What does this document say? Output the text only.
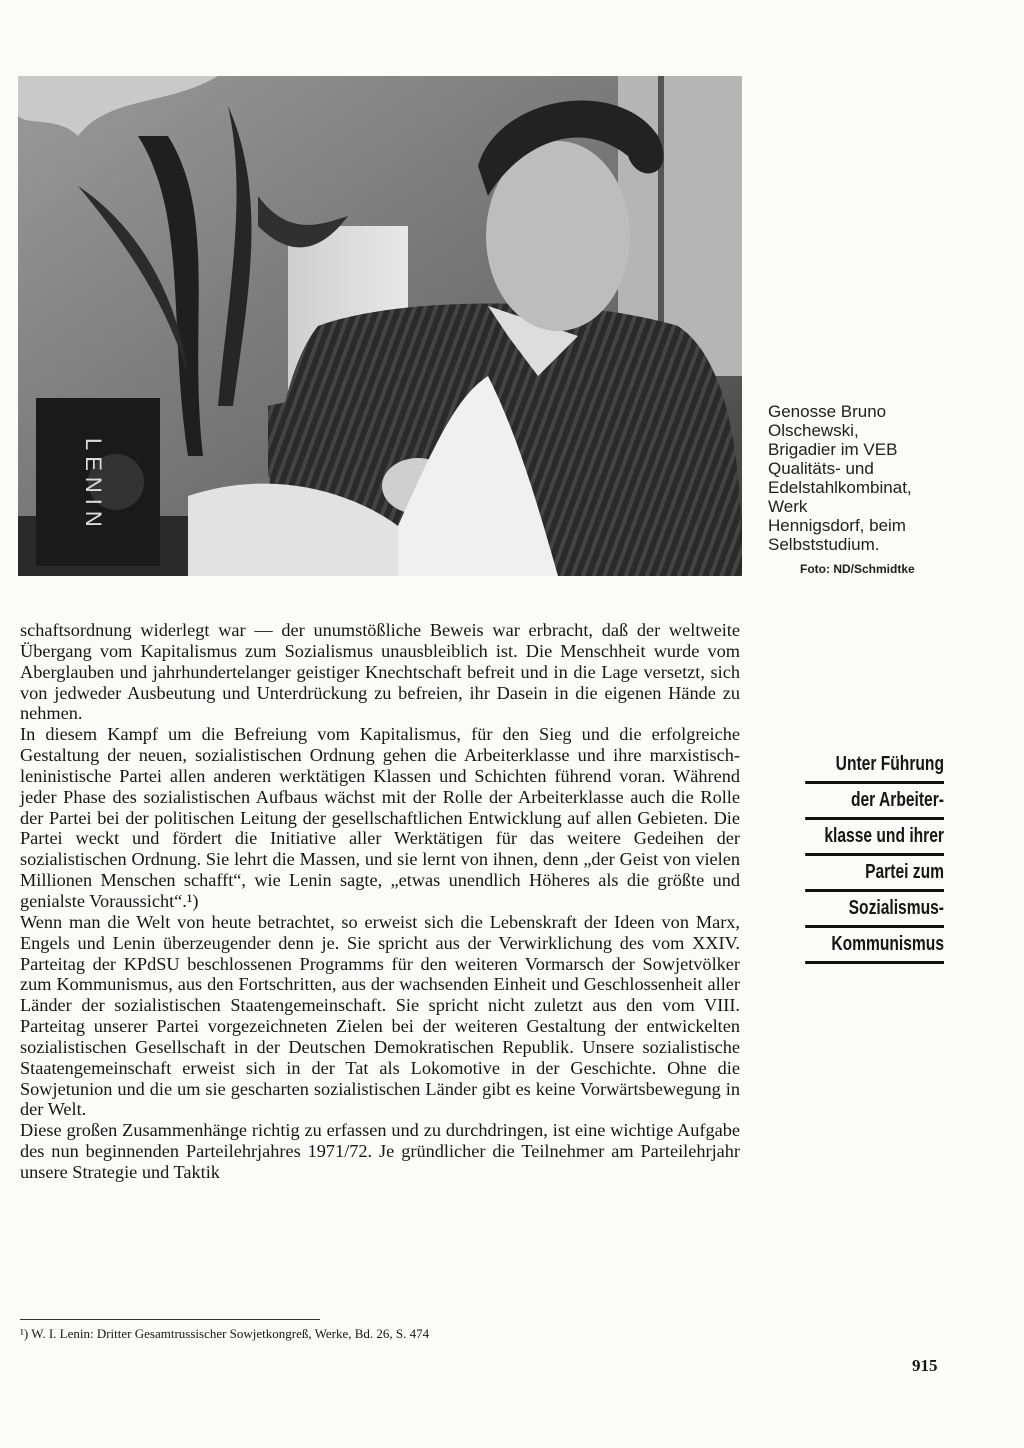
LENIN
Genosse Bruno
Olschewski,
Brigadier im VEB
Qualitäts- und
Edelstahlkombinat,
Werk
Hennigsdorf, beim
Selbststudium.
Foto: ND/Schmidtke

schaftsordnung widerlegt war — der unumstößliche Beweis war erbracht, daß der weltweite Übergang vom Kapitalismus zum Sozialismus unausbleiblich ist. Die Menschheit wurde vom Aberglauben und jahrhundertelanger geistiger Knechtschaft befreit und in die Lage versetzt, sich von jedweder Ausbeutung und Unterdrückung zu befreien, ihr Dasein in die eigenen Hände zu nehmen.

In diesem Kampf um die Befreiung vom Kapitalismus, für den Sieg und die erfolgreiche Gestaltung der neuen, sozialistischen Ordnung gehen die Arbeiterklasse und ihre marxistisch-leninistische Partei allen anderen werktätigen Klassen und Schichten führend voran. Während jeder Phase des sozialistischen Aufbaus wächst mit der Rolle der Arbeiterklasse auch die Rolle der Partei bei der politischen Leitung der gesellschaftlichen Entwicklung auf allen Gebieten. Die Partei weckt und fördert die Initiative aller Werktätigen für das weitere Gedeihen der sozialistischen Ordnung. Sie lehrt die Massen, und sie lernt von ihnen, denn „der Geist von vielen Millionen Menschen schafft“, wie Lenin sagte, „etwas unendlich Höheres als die größte und genialste Voraussicht“.¹)

Wenn man die Welt von heute betrachtet, so erweist sich die Lebenskraft der Ideen von Marx, Engels und Lenin überzeugender denn je. Sie spricht aus der Verwirklichung des vom XXIV. Parteitag der KPdSU beschlossenen Programms für den weiteren Vormarsch der Sowjetvölker zum Kommunismus, aus den Fortschritten, aus der wachsenden Einheit und Geschlossenheit aller Länder der sozialistischen Staatengemeinschaft. Sie spricht nicht zuletzt aus den vom VIII. Parteitag unserer Partei vorgezeichneten Zielen bei der weiteren Gestaltung der entwickelten sozialistischen Gesellschaft in der Deutschen Demokratischen Republik. Unsere sozialistische Staatengemeinschaft erweist sich in der Tat als Lokomotive in der Geschichte. Ohne die Sowjetunion und die um sie gescharten sozialistischen Länder gibt es keine Vorwärtsbewegung in der Welt.

Diese großen Zusammenhänge richtig zu erfassen und zu durchdringen, ist eine wichtige Aufgabe des nun beginnenden Parteilehrjahres 1971/72. Je gründlicher die Teilnehmer am Parteilehrjahr unsere Strategie und Taktik

Unter Führung
der Arbeiter-
klasse und ihrer
Partei zum
Sozialismus-
Kommunismus
¹) W. I. Lenin: Dritter Gesamtrussischer Sowjetkongreß, Werke, Bd. 26, S. 474
915
